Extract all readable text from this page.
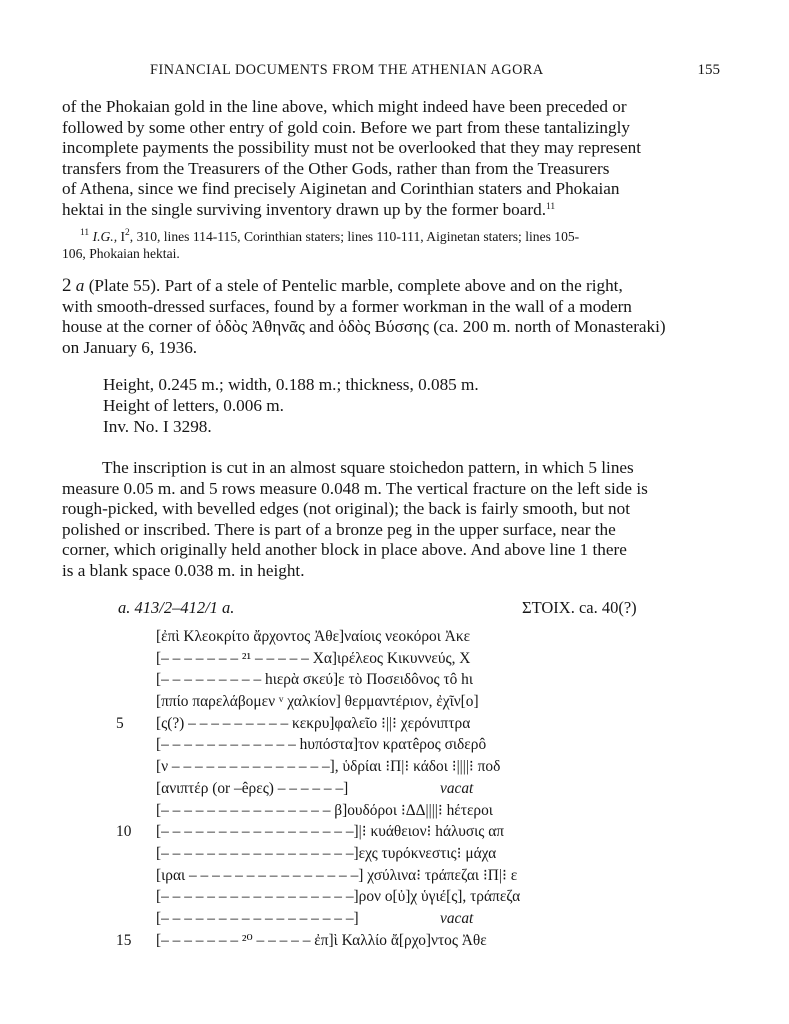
FINANCIAL DOCUMENTS FROM THE ATHENIAN AGORA	155
of the Phokaian gold in the line above, which might indeed have been preceded or
followed by some other entry of gold coin. Before we part from these tantalizingly
incomplete payments the possibility must not be overlooked that they may represent
transfers from the Treasurers of the Other Gods, rather than from the Treasurers
of Athena, since we find precisely Aiginetan and Corinthian staters and Phokaian
hektai in the single surviving inventory drawn up by the former board.$^{11}$
$^{11}$ I.G., $I^2$, 310, lines 114-115, Corinthian staters; lines 110-111, Aiginetan staters; lines 105-
106, Phokaian hektai.
2 a (Plate 55). Part of a stele of Pentelic marble, complete above and on the right,
with smooth-dressed surfaces, found by a former workman in the wall of a modern
house at the corner of ὁδὸς Ἀθηνᾶς and ὁδὸς Βύσσης (ca. 200 m. north of Monasteraki)
on January 6, 1936.
Height, 0.245 m.; width, 0.188 m.; thickness, 0.085 m.
Height of letters, 0.006 m.
Inv. No. I 3298.
The inscription is cut in an almost square stoichedon pattern, in which 5 lines
measure 0.05 m. and 5 rows measure 0.048 m. The vertical fracture on the left side is
rough-picked, with bevelled edges (not original); the back is fairly smooth, but not
polished or inscribed. There is part of a bronze peg in the upper surface, near the
corner, which originally held another block in place above. And above line 1 there
is a blank space 0.038 m. in height.
a. 413/2–412/1 a.	ΣΤΟΙΧ. ca. 40(?)
[ἐπὶ Κλεοκρίτο ἄρχοντος Ἀθε]ναίοις νεοκόροι Ἀκε
[– – – – – – – ²¹ – – – – – Χα]ιρέλεος Κικυννεύς, Χ
[– – – – – – – – – hιερὰ σκεύ]ε τὸ Ποσειδôνος τô hι
[ππίο παρελάβομεν ᵛ χαλκίον] θερμαντέριον, ἐχῖν[ο]
5 [ς(?) – – – – – – – – – κεκρυ]φαλεῖο ⁝||⁝ χερόνιπτρα
[– – – – – – – – – – – – hυπόστα]τον κρατêρος σιδερô
[ν – – – – – – – – – – – – – –], ὑδρίαι ⁝Π|⁝ κάδοι ⁝||||⁝ ποδ
[ανιπτέρ (or –êρες) – – – – – –]	vacat
[– – – – – – – – – – – – – – – β]ουδόροι ⁝ΔΔ||||⁝ hέτεροι
10 [– – – – – – – – – – – – – – – – –]|⁝ κυάθειον⁝ hάλυσις απ
[– – – – – – – – – – – – – – – – –]εχς τυρόκνεστις⁝ μάχα
[ιραι – – – – – – – – – – – – – – –] χσύλινα⁝ τράπεζαι ⁝Π|⁝ ε
[– – – – – – – – – – – – – – – – –]ρον ο[ὐ]χ ὑγιέ[ς], τράπεζα
[– – – – – – – – – – – – – – – – –]	vacat
15 [– – – – – – – ²⁰ – – – – – ἐπ]ὶ Καλλίο ἄ[ρχο]ντος Ἀθε
